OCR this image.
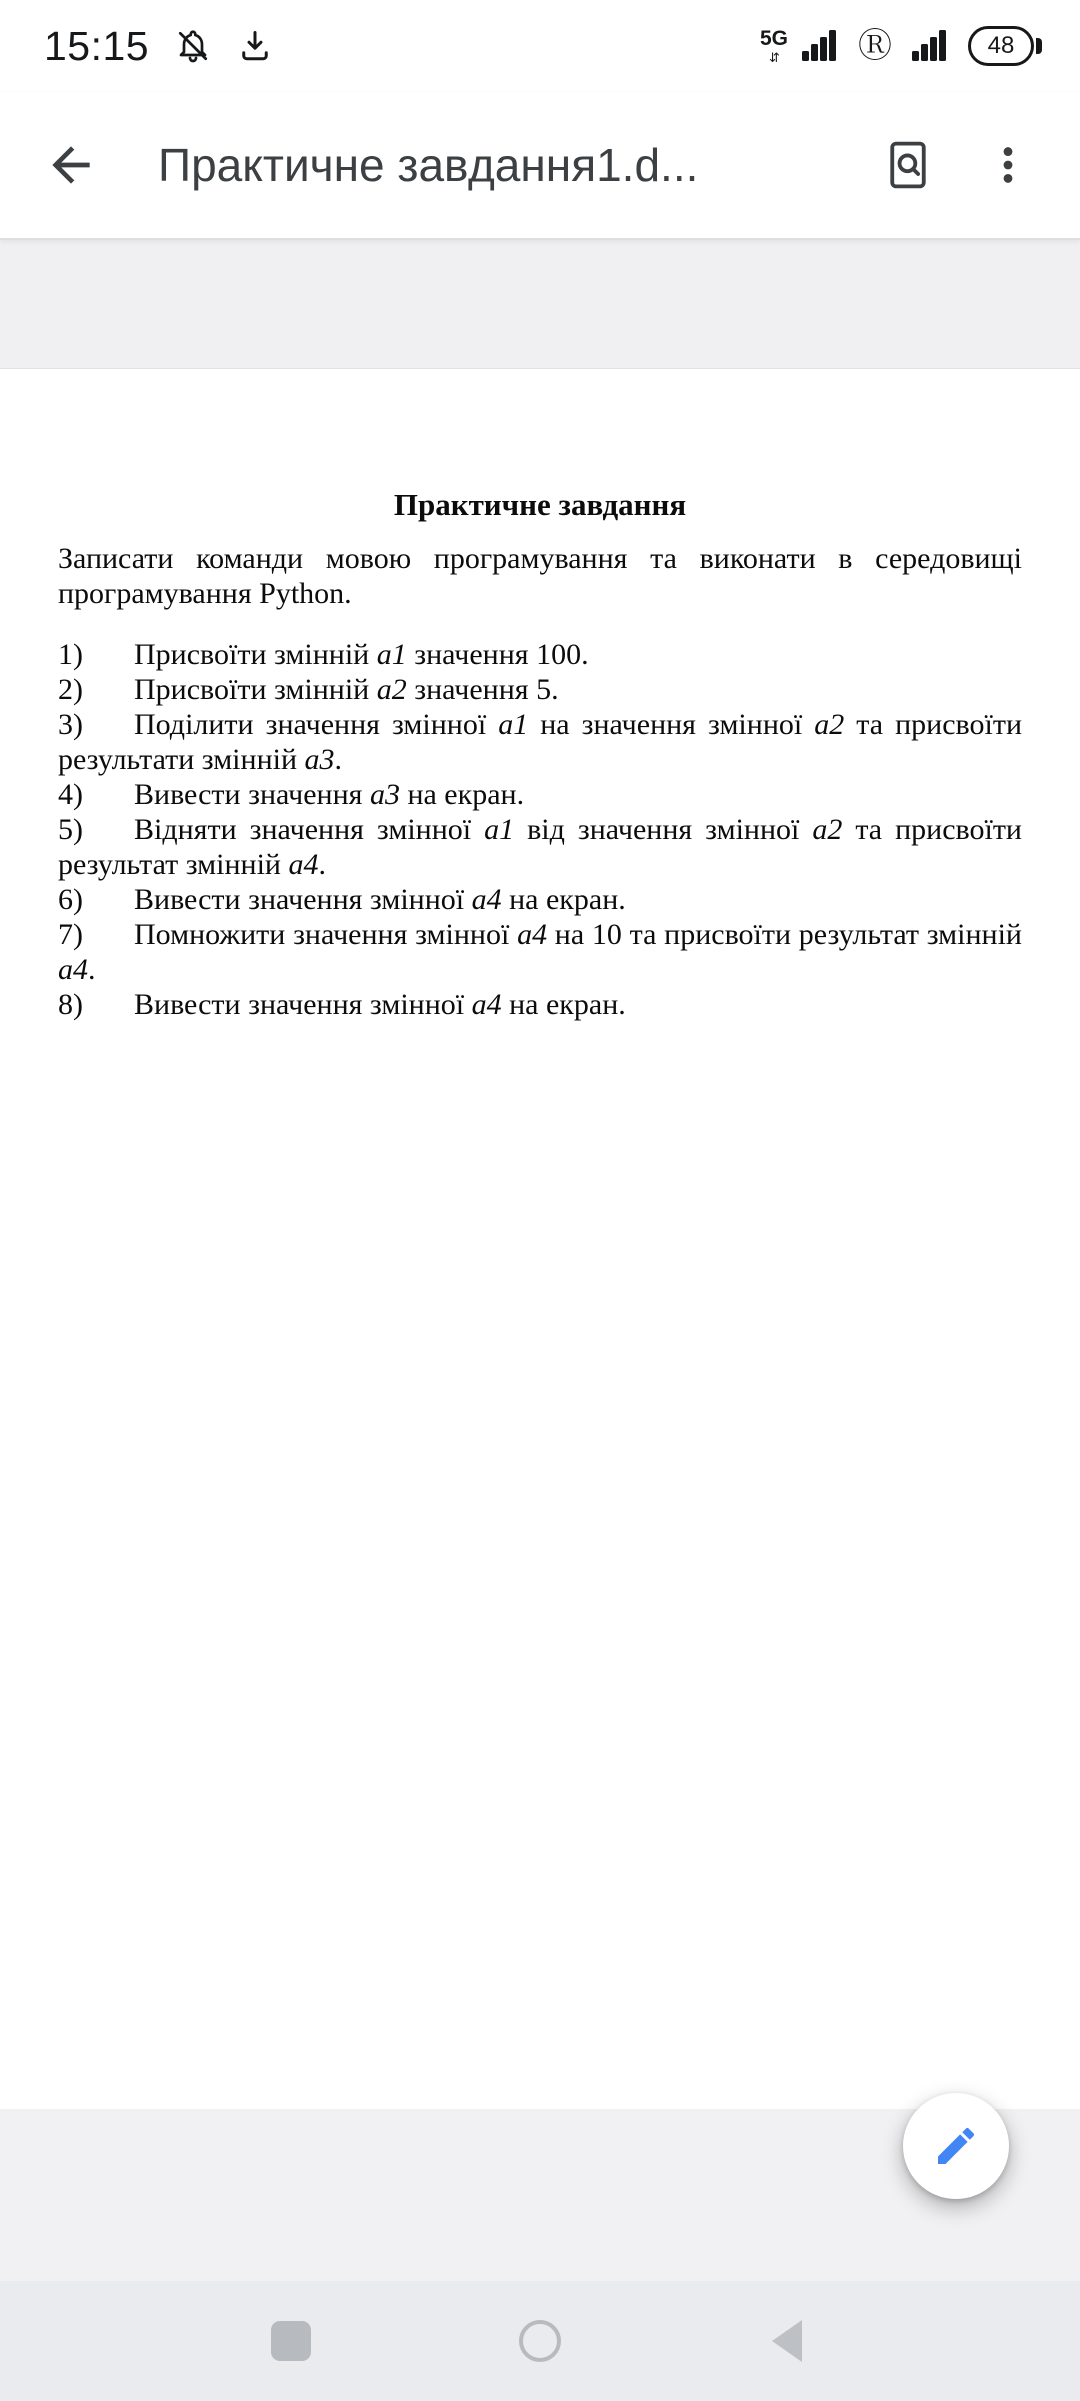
15:15	5G
⇵ Ⓡ	48
Практичне завдання1.d...

Практичне завдання

Записати команди мовою програмування та виконати в середовищі програмування Python.

1) Присвоїти змінній a1 значення 100.

2) Присвоїти змінній a2 значення 5.

3) Поділити значення змінної a1 на значення змінної a2 та присвоїти результати змінній a3.

4) Вивести значення a3 на екран.

5) Відняти значення змінної a1 від значення змінної a2 та присвоїти результат змінній a4.

6) Вивести значення змінної a4 на екран.

7) Помножити значення змінної a4 на 10 та присвоїти результат змінній a4.

8) Вивести значення змінної a4 на екран.
